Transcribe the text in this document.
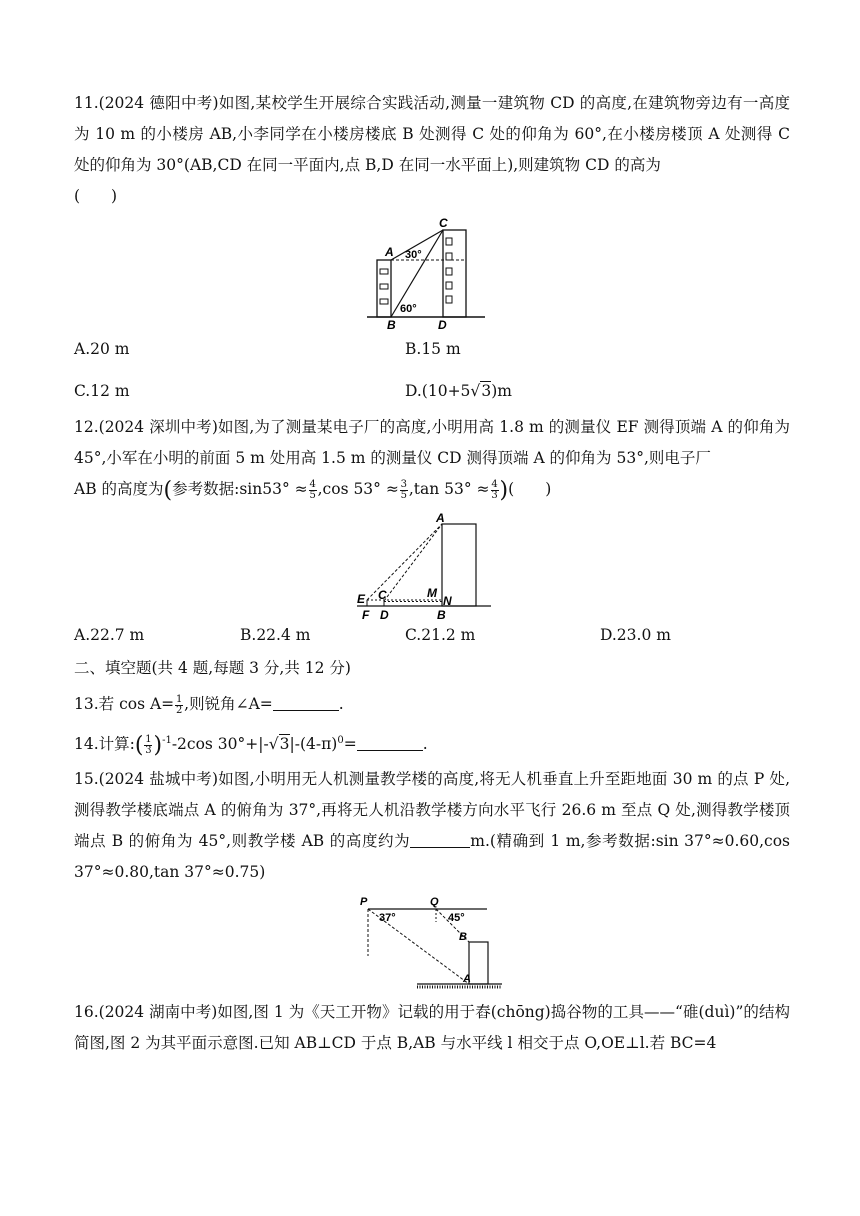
11.(2024 德阳中考)如图,某校学生开展综合实践活动,测量一建筑物 CD 的高度,在建筑物旁边有一高度为 10 m 的小楼房 AB,小李同学在小楼房楼底 B 处测得 C 处的仰角为 60°,在小楼房楼顶 A 处测得 C 处的仰角为 30°(AB,CD 在同一平面内,点 B,D 在同一水平面上),则建筑物 CD 的高为
(　　)

C
A 30°
60°
B	D
A.20 m	B.15 m
C.12 m	D.(10+5√3)m

12.(2024 深圳中考)如图,为了测量某电子厂的高度,小明用高 1.8 m 的测量仪 EF 测得顶端 A 的仰角为 45°,小军在小明的前面 5 m 处用高 1.5 m 的测量仪 CD 测得顶端 A 的仰角为 53°,则电子厂
AB 的高度为(参考数据:sin53° ≈ $\frac{4}{5} ,\cos$ $53^\circ \approx \frac{3}{5} ,\tan$ $53^\circ \approx \frac{4}{3}$ )(　　)

A
E C	M
N
F D	B
A.22.7 m	B.22.4 m	C.21.2 m	D.23.0 m

二、填空题(共 4 题,每题 3 分,共 12 分)

13.若 $\cos A= \frac{1}{2}$ ,则锐角∠A=	.

14.计算:( $\frac{1}{3} )^{-1}-2\cos$ $30^\circ+|-√3|-(4-\pi)^0=$	.

15.(2024 盐城中考)如图,小明用无人机测量教学楼的高度,将无人机垂直上升至距地面 30 m 的点 P 处,测得教学楼底端点 A 的俯角为 37°,再将无人机沿教学楼方向水平飞行 26.6 m 至点 Q 处,测得教学楼顶端点 B 的俯角为 45°,则教学楼 AB 的高度约为	m.(精确到 1 m,参考数据:sin 37°≈0.60,cos 37°≈0.80,tan 37°≈0.75)

P	Q
37°	45°
B
A

16.(2024 湖南中考)如图,图 1 为《天工开物》记载的用于舂(chōng)捣谷物的工具——“碓(duì)”的结构简图,图 2 为其平面示意图.已知 AB⊥CD 于点 B,AB 与水平线 l 相交于点 O,OE⊥l.若 BC=4
